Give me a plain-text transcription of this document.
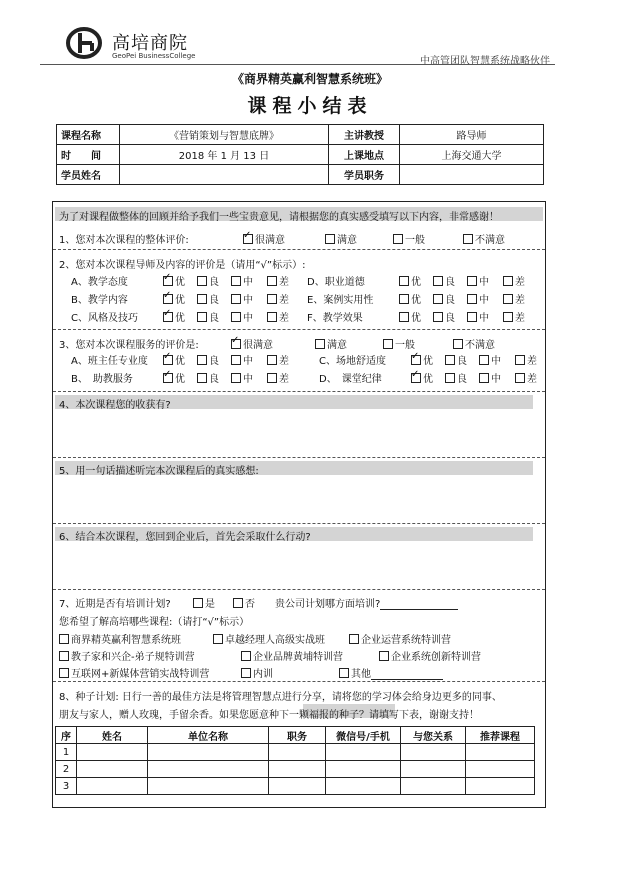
高培商院
GeoPei BusinessCollege	中高管团队智慧系统战略伙伴
《商界精英赢利智慧系统班》
课程小结表
课程名称	《营销策划与智慧底牌》	主讲教授	路导师
时　　间	2018 年 1 月 13 日	上课地点	上海交通大学
学员姓名		学员职务	
为了对课程做整体的回顾并给予我们一些宝贵意见，请根据您的真实感受填写以下内容，非常感谢！
1、您对本次课程的整体评价: ✓	很满意	满意	一般	不满意
2、您对本次课程导师及内容的评价是（请用“√”标示）:
A、教学态度 ✓	优	良	中	差 D、职业道德	优	良	中	差
B、教学内容 ✓	优	良	中	差 E、案例实用性	优	良	中	差
C、风格及技巧 ✓	优	良	中	差 F、教学效果	优	良	中	差
3、您对本次课程服务的评价是: ✓	很满意	满意	一般	不满意
A、班主任专业度 ✓	优	良	中	差	C、场地舒适度 ✓	优	良	中	差
B、　助教服务 ✓	优	良	中	差	D、　课堂纪律 ✓	优	良	中	差
4、本次课程您的收获有?
5、用一句话描述听完本次课程后的真实感想:
6、结合本次课程，您回到企业后，首先会采取什么行动?
7、近期是否有培训计划?	是	否 贵公司计划哪方面培训?
您希望了解高培哪些课程:（请打“√”标示）
商界精英赢利智慧系统班	卓越经理人高级实战班	企业运营系统特训营
教子家和兴企-弟子规特训营	企业品牌黄埔特训营	企业系统创新特训营
互联网+新媒体营销实战特训营	内训	其他
8、种子计划: 日行一善的最佳方法是将管理智慧点进行分享，请将您的学习体会给身边更多的同事、
朋友与家人，赠人玫瑰，手留余香。如果您愿意种下一颗福报的种子？请填写下表，谢谢支持！
序	姓名	单位名称	职务	微信号/手机	与您关系	推荐课程
1						
2						
3						
